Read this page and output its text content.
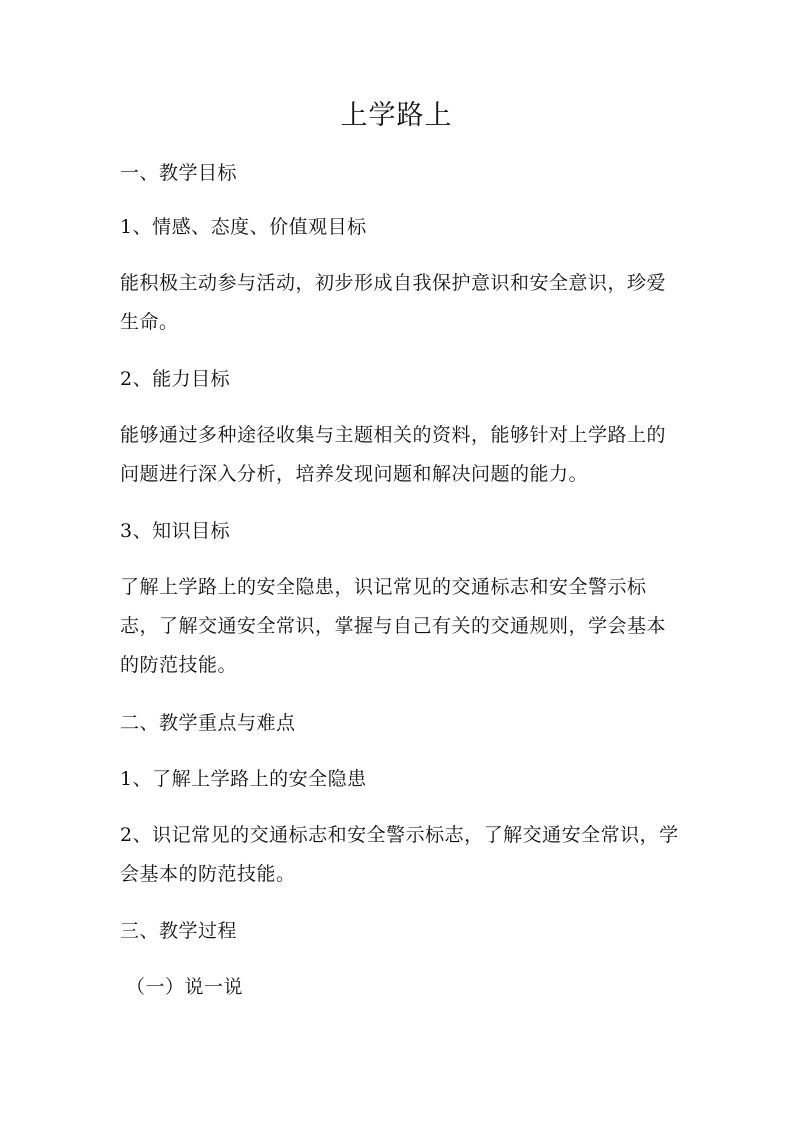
上学路上

一、教学目标

1、情感、态度、价值观目标

能积极主动参与活动，初步形成自我保护意识和安全意识，珍爱生命。

2、能力目标

能够通过多种途径收集与主题相关的资料，能够针对上学路上的问题进行深入分析，培养发现问题和解决问题的能力。

3、知识目标

了解上学路上的安全隐患，识记常见的交通标志和安全警示标志，了解交通安全常识，掌握与自己有关的交通规则，学会基本的防范技能。

二、教学重点与难点

1、了解上学路上的安全隐患

2、识记常见的交通标志和安全警示标志，了解交通安全常识，学会基本的防范技能。

三、教学过程

（一）说一说
